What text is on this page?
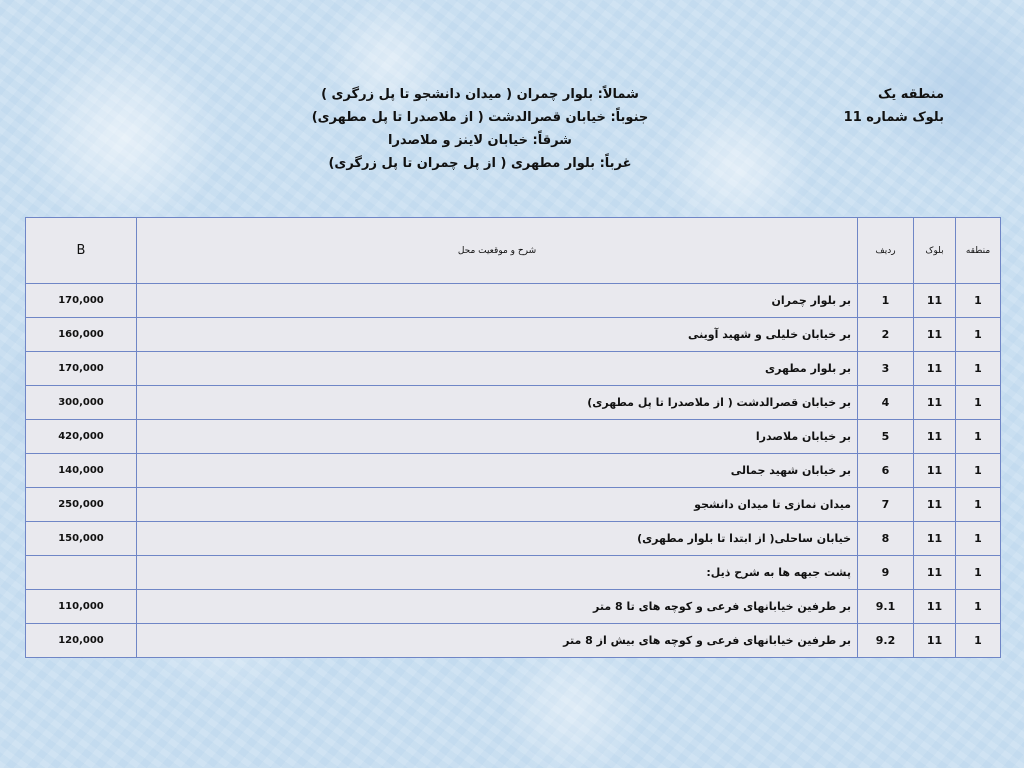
منطقه یک
بلوک شماره 11
شمالاً: بلوار چمران ( میدان دانشجو تا پل زرگری )
جنوباً: خیابان قصرالدشت ( از ملاصدرا تا پل مطهری)
شرقاً: خیابان لاینز و ملاصدرا
غرباً: بلوار مطهری ( از پل چمران تا پل زرگری)
منطقه	بلوک	ردیف	شرح و موقعیت محل	B
1	11	1	بر بلوار چمران	170,000
1	11	2	بر خیابان خلیلی و شهید آوینی	160,000
1	11	3	بر بلوار مطهری	170,000
1	11	4	بر خیابان قصرالدشت ( از ملاصدرا تا پل مطهری)	300,000
1	11	5	بر خیابان ملاصدرا	420,000
1	11	6	بر خیابان شهید جمالی	140,000
1	11	7	میدان نمازی تا میدان دانشجو	250,000
1	11	8	خیابان ساحلی( از ابتدا تا بلوار مطهری)	150,000
1	11	9	پشت جبهه ها به شرح ذیل:	
1	11	9.1	بر طرفین خیابانهای فرعی و کوچه های تا 8 متر	110,000
1	11	9.2	بر طرفین خیابانهای فرعی و کوچه های بیش از 8 متر	120,000
